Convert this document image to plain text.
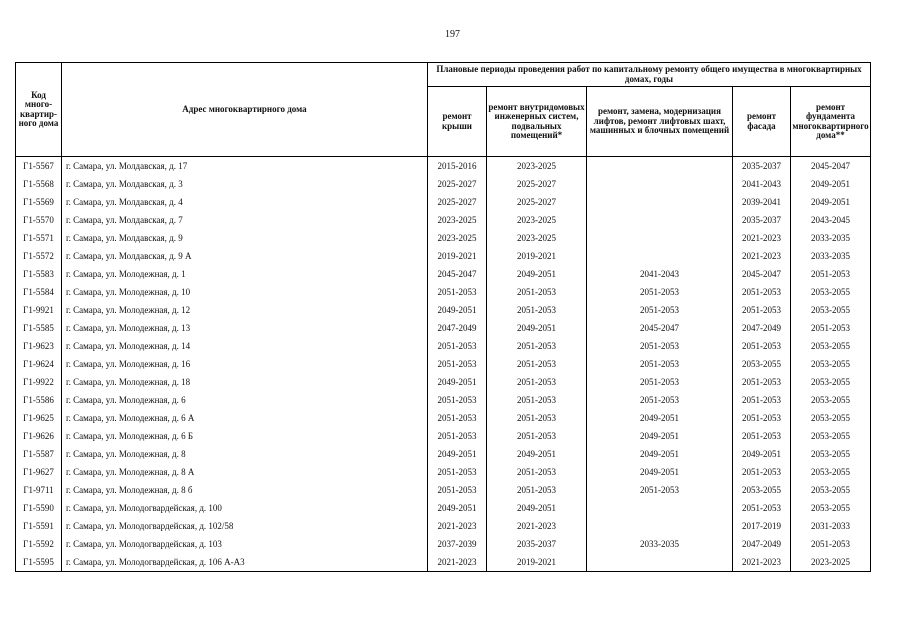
197
Код много-квартир-ного дома	Адрес многоквартирного дома	Плановые периоды проведения работ по капитальному ремонту общего имущества в многоквартирных домах, годы				
		ремонт крыши	ремонт внутридомовых инженерных систем, подвальных помещений*	ремонт, замена, модернизация лифтов, ремонт лифтовых шахт, машинных и блочных помещений	ремонт фасада	ремонт фундамента многоквартирного дома**
Г1-5567	г. Самара, ул. Молдавская, д. 17	2015-2016	2023-2025		2035-2037	2045-2047
Г1-5568	г. Самара, ул. Молдавская, д. 3	2025-2027	2025-2027		2041-2043	2049-2051
Г1-5569	г. Самара, ул. Молдавская, д. 4	2025-2027	2025-2027		2039-2041	2049-2051
Г1-5570	г. Самара, ул. Молдавская, д. 7	2023-2025	2023-2025		2035-2037	2043-2045
Г1-5571	г. Самара, ул. Молдавская, д. 9	2023-2025	2023-2025		2021-2023	2033-2035
Г1-5572	г. Самара, ул. Молдавская, д. 9 А	2019-2021	2019-2021		2021-2023	2033-2035
Г1-5583	г. Самара, ул. Молодежная, д. 1	2045-2047	2049-2051	2041-2043	2045-2047	2051-2053
Г1-5584	г. Самара, ул. Молодежная, д. 10	2051-2053	2051-2053	2051-2053	2051-2053	2053-2055
Г1-9921	г. Самара, ул. Молодежная, д. 12	2049-2051	2051-2053	2051-2053	2051-2053	2053-2055
Г1-5585	г. Самара, ул. Молодежная, д. 13	2047-2049	2049-2051	2045-2047	2047-2049	2051-2053
Г1-9623	г. Самара, ул. Молодежная, д. 14	2051-2053	2051-2053	2051-2053	2051-2053	2053-2055
Г1-9624	г. Самара, ул. Молодежная, д. 16	2051-2053	2051-2053	2051-2053	2053-2055	2053-2055
Г1-9922	г. Самара, ул. Молодежная, д. 18	2049-2051	2051-2053	2051-2053	2051-2053	2053-2055
Г1-5586	г. Самара, ул. Молодежная, д. 6	2051-2053	2051-2053	2051-2053	2051-2053	2053-2055
Г1-9625	г. Самара, ул. Молодежная, д. 6 А	2051-2053	2051-2053	2049-2051	2051-2053	2053-2055
Г1-9626	г. Самара, ул. Молодежная, д. 6 Б	2051-2053	2051-2053	2049-2051	2051-2053	2053-2055
Г1-5587	г. Самара, ул. Молодежная, д. 8	2049-2051	2049-2051	2049-2051	2049-2051	2053-2055
Г1-9627	г. Самара, ул. Молодежная, д. 8 А	2051-2053	2051-2053	2049-2051	2051-2053	2053-2055
Г1-9711	г. Самара, ул. Молодежная, д. 8 б	2051-2053	2051-2053	2051-2053	2053-2055	2053-2055
Г1-5590	г. Самара, ул. Молодогвардейская, д. 100	2049-2051	2049-2051		2051-2053	2053-2055
Г1-5591	г. Самара, ул. Молодогвардейская, д. 102/58	2021-2023	2021-2023		2017-2019	2031-2033
Г1-5592	г. Самара, ул. Молодогвардейская, д. 103	2037-2039	2035-2037	2033-2035	2047-2049	2051-2053
Г1-5595	г. Самара, ул. Молодогвардейская, д. 106 А-А3	2021-2023	2019-2021		2021-2023	2023-2025
